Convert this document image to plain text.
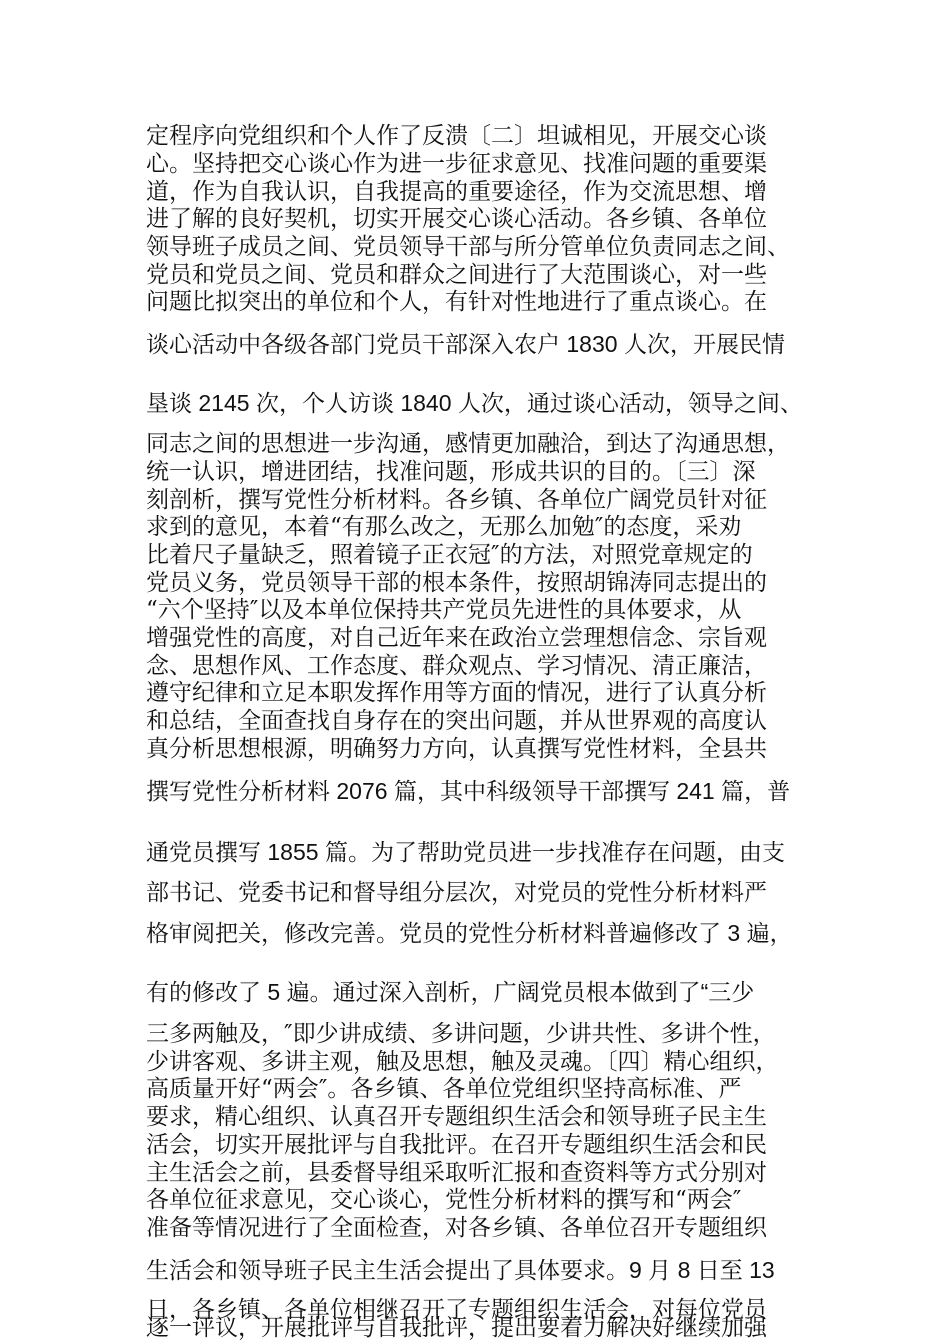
定程序向党组织和个人作了反溃〔二〕坦诚相见，开展交心谈
心。坚持把交心谈心作为进一步征求意见、找准问题的重要渠
道，作为自我认识，自我提高的重要途径，作为交流思想、增
进了解的良好契机，切实开展交心谈心活动。各乡镇、各单位
领导班子成员之间、党员领导干部与所分管单位负责同志之间、
党员和党员之间、党员和群众之间进行了大范围谈心，对一些
问题比拟突出的单位和个人，有针对性地进行了重点谈心。在
谈心活动中各级各部门党员干部深入农户 1830 人次，开展民情
垦谈 2145 次，个人访谈 1840 人次，通过谈心活动，领导之间、
同志之间的思想进一步沟通，感情更加融洽，到达了沟通思想，
统一认识，增进团结，找准问题，形成共识的目的。〔三〕深
刻剖析，撰写党性分析材料。各乡镇、各单位广阔党员针对征
求到的意见，本着“有那么改之，无那么加勉″的态度，采劝
比着尺子量缺乏，照着镜子正衣冠″的方法，对照党章规定的
党员义务，党员领导干部的根本条件，按照胡锦涛同志提出的
“六个坚持″以及本单位保持共产党员先进性的具体要求，从
增强党性的高度，对自己近年来在政治立尝理想信念、宗旨观
念、思想作风、工作态度、群众观点、学习情况、清正廉洁，
遵守纪律和立足本职发挥作用等方面的情况，进行了认真分析
和总结，全面查找自身存在的突出问题，并从世界观的高度认
真分析思想根源，明确努力方向，认真撰写党性材料，全县共
撰写党性分析材料 2076 篇，其中科级领导干部撰写 241 篇，普
通党员撰写 1855 篇。为了帮助党员进一步找准存在问题，由支
部书记、党委书记和督导组分层次，对党员的党性分析材料严
格审阅把关，修改完善。党员的党性分析材料普遍修改了 3 遍，
有的修改了 5 遍。通过深入剖析，广阔党员根本做到了“三少
三多两触及，″即少讲成绩、多讲问题，少讲共性、多讲个性，
少讲客观、多讲主观，触及思想，触及灵魂。〔四〕精心组织，
高质量开好“两会″。各乡镇、各单位党组织坚持高标准、严
要求，精心组织、认真召开专题组织生活会和领导班子民主生
活会，切实开展批评与自我批评。在召开专题组织生活会和民
主生活会之前，县委督导组采取听汇报和查资料等方式分别对
各单位征求意见，交心谈心，党性分析材料的撰写和“两会″
准备等情况进行了全面检查，对各乡镇、各单位召开专题组织
生活会和领导班子民主生活会提出了具体要求。9 月 8 日至 13
日，各乡镇、各单位相继召开了专题组织生活会，对每位党员
逐一评议，开展批评与自我批评，提出要着力解决好继续加强
